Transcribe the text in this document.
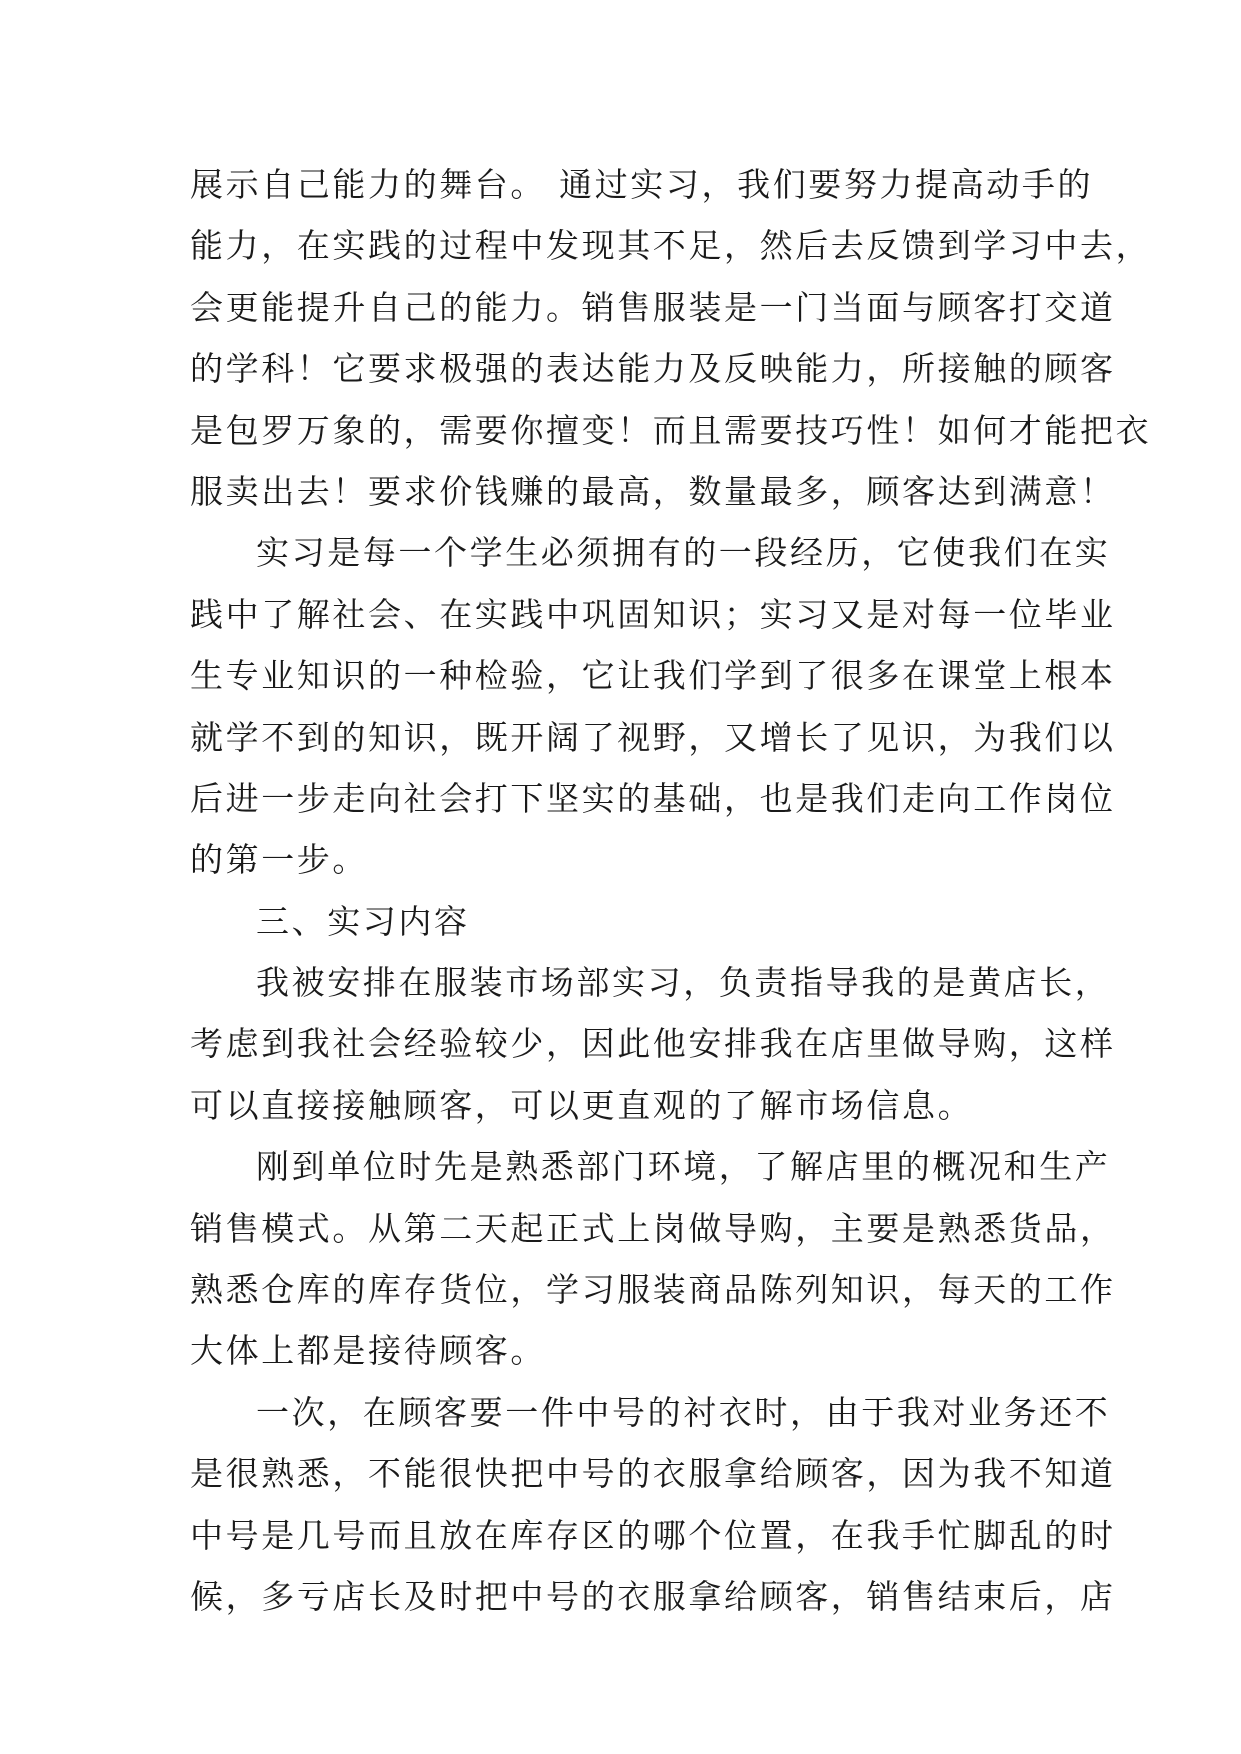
展示自己能力的舞台。 通过实习，我们要努力提高动手的
能力，在实践的过程中发现其不足，然后去反馈到学习中去，
会更能提升自己的能力。销售服装是一门当面与顾客打交道
的学科！它要求极强的表达能力及反映能力，所接触的顾客
是包罗万象的，需要你擅变！而且需要技巧性！如何才能把衣
服卖出去！要求价钱赚的最高，数量最多，顾客达到满意！
实习是每一个学生必须拥有的一段经历，它使我们在实
践中了解社会、在实践中巩固知识；实习又是对每一位毕业
生专业知识的一种检验，它让我们学到了很多在课堂上根本
就学不到的知识，既开阔了视野，又增长了见识，为我们以
后进一步走向社会打下坚实的基础，也是我们走向工作岗位
的第一步。
三、实习内容
我被安排在服装市场部实习，负责指导我的是黄店长，
考虑到我社会经验较少，因此他安排我在店里做导购，这样
可以直接接触顾客，可以更直观的了解市场信息。
刚到单位时先是熟悉部门环境，了解店里的概况和生产
销售模式。从第二天起正式上岗做导购，主要是熟悉货品，
熟悉仓库的库存货位，学习服装商品陈列知识，每天的工作
大体上都是接待顾客。
一次，在顾客要一件中号的衬衣时，由于我对业务还不
是很熟悉，不能很快把中号的衣服拿给顾客，因为我不知道
中号是几号而且放在库存区的哪个位置，在我手忙脚乱的时
候，多亏店长及时把中号的衣服拿给顾客，销售结束后，店
